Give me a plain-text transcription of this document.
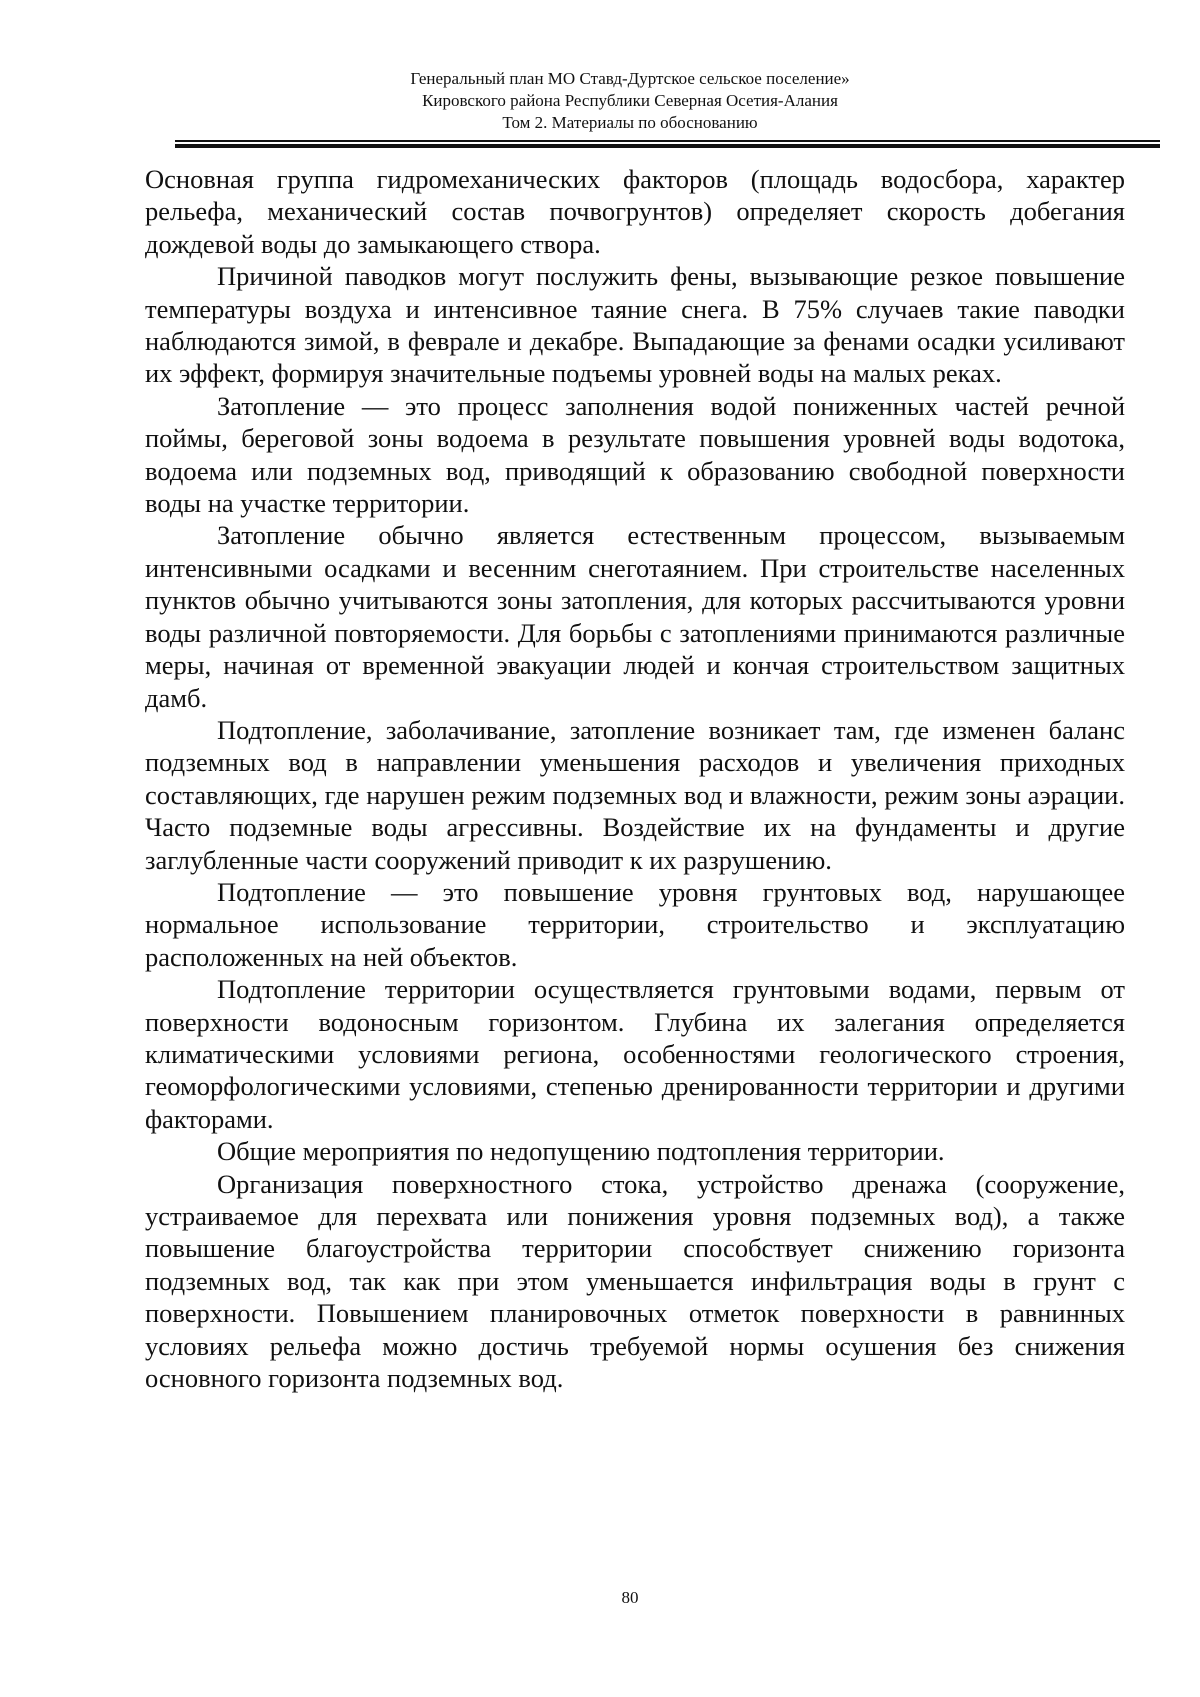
Генеральный план МО Ставд-Дуртское сельское поселение»
Кировского района Республики Северная Осетия-Алания
Том 2. Материалы по обоснованию

Основная группа гидромеханических факторов (площадь водосбора, характер рельефа, механический состав почвогрунтов) определяет скорость добегания дождевой воды до замыкающего створа.

Причиной паводков могут послужить фены, вызывающие резкое повышение температуры воздуха и интенсивное таяние снега. В 75% случаев такие паводки наблюдаются зимой, в феврале и декабре. Выпадающие за фенами осадки усиливают их эффект, формируя значительные подъемы уровней воды на малых реках.

Затопление — это процесс заполнения водой пониженных частей речной поймы, береговой зоны водоема в результате повышения уровней воды водотока, водоема или подземных вод, приводящий к образованию свободной поверхности воды на участке территории.

Затопление обычно является естественным процессом, вызываемым интенсивными осадками и весенним снеготаянием. При строительстве населенных пунктов обычно учитываются зоны затопления, для которых рассчитываются уровни воды различной повторяемости. Для борьбы с затоплениями принимаются различные меры, начиная от временной эвакуации людей и кончая строительством защитных дамб.

Подтопление, заболачивание, затопление возникает там, где изменен баланс подземных вод в направлении уменьшения расходов и увеличения приходных составляющих, где нарушен режим подземных вод и влажности, режим зоны аэрации. Часто подземные воды агрессивны. Воздействие их на фундаменты и другие заглубленные части сооружений приводит к их разрушению.

Подтопление — это повышение уровня грунтовых вод, нарушающее нормальное использование территории, строительство и эксплуатацию расположенных на ней объектов.

Подтопление территории осуществляется грунтовыми водами, первым от поверхности водоносным горизонтом. Глубина их залегания определяется климатическими условиями региона, особенностями геологического строения, геоморфологическими условиями, степенью дренированности территории и другими факторами.

Общие мероприятия по недопущению подтопления территории.

Организация поверхностного стока, устройство дренажа (сооружение, устраиваемое для перехвата или понижения уровня подземных вод), а также повышение благоустройства территории способствует снижению горизонта подземных вод, так как при этом уменьшается инфильтрация воды в грунт с поверхности. Повышением планировочных отметок поверхности в равнинных условиях рельефа можно достичь требуемой нормы осушения без снижения основного горизонта подземных вод.

80
